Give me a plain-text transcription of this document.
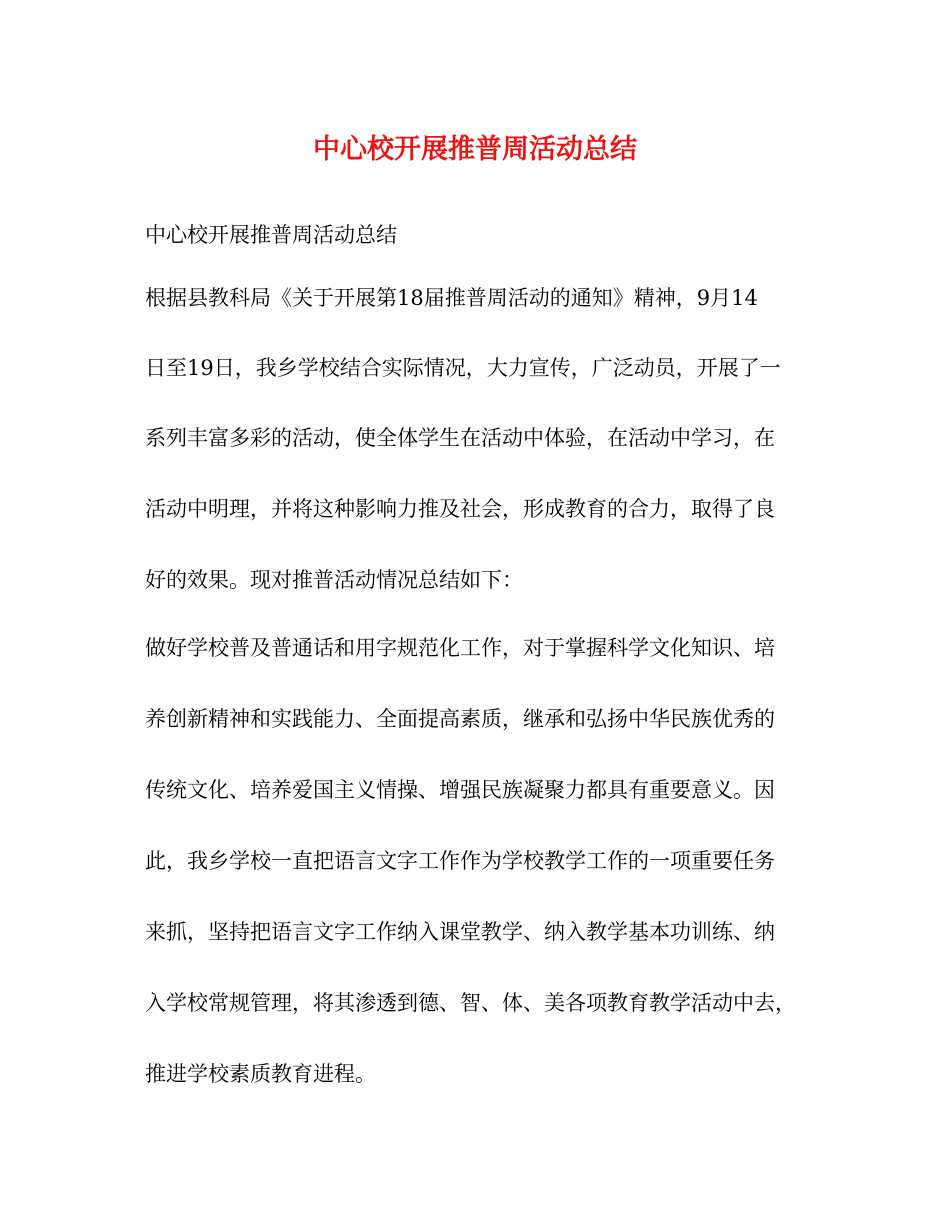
中心校开展推普周活动总结

中心校开展推普周活动总结

根据县教科局《关于开展第18届推普周活动的通知》精神，9月14

日至19日，我乡学校结合实际情况，大力宣传，广泛动员，开展了一

系列丰富多彩的活动，使全体学生在活动中体验，在活动中学习，在

活动中明理，并将这种影响力推及社会，形成教育的合力，取得了良

好的效果。现对推普活动情况总结如下：

做好学校普及普通话和用字规范化工作，对于掌握科学文化知识、培

养创新精神和实践能力、全面提高素质，继承和弘扬中华民族优秀的

传统文化、培养爱国主义情操、增强民族凝聚力都具有重要意义。因

此，我乡学校一直把语言文字工作作为学校教学工作的一项重要任务

来抓，坚持把语言文字工作纳入课堂教学、纳入教学基本功训练、纳

入学校常规管理，将其渗透到德、智、体、美各项教育教学活动中去，

推进学校素质教育进程。
